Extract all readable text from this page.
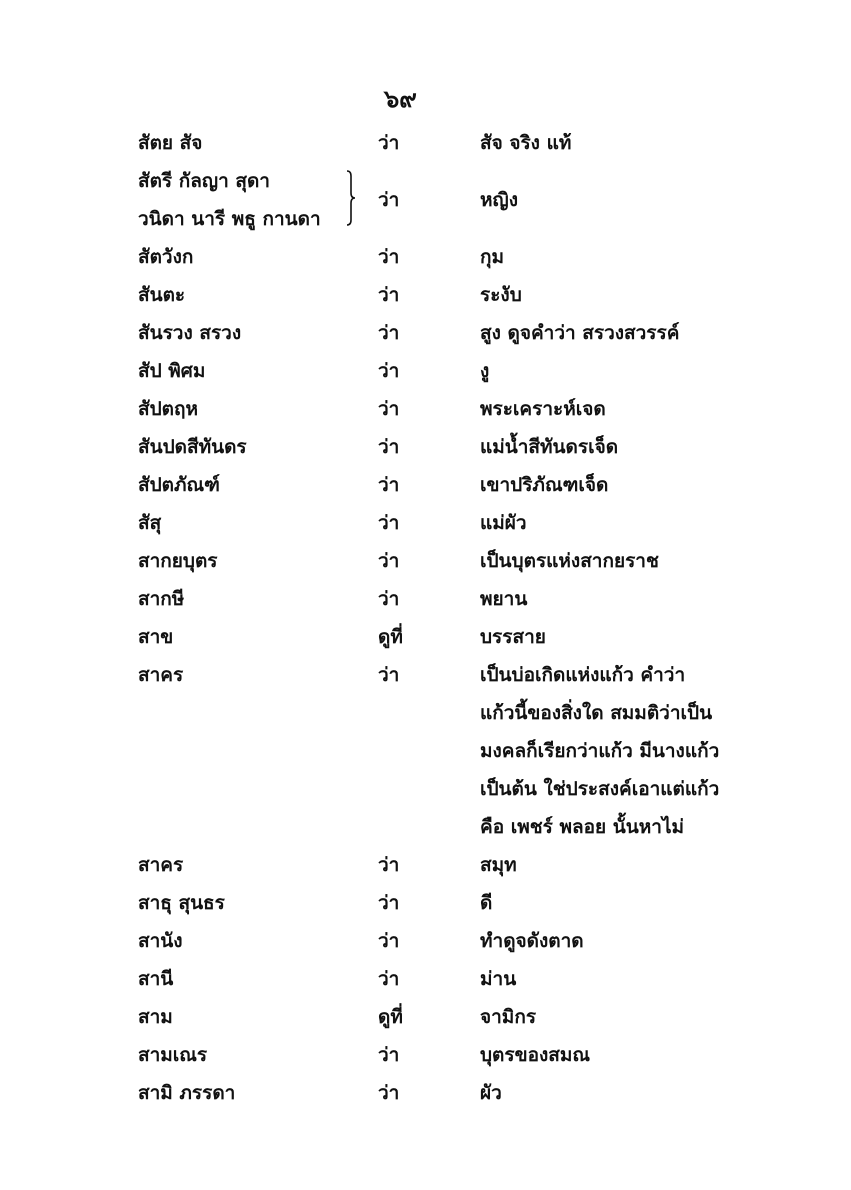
๖๙
สัตย สัจ	ว่า	สัจ จริง แท้
สัตรี กัลญา สุดา
วนิดา นารี พธู กานดา
ว่า	หญิง
สัตวังก	ว่า	กุม
สันตะ	ว่า	ระงับ
สันรวง สรวง	ว่า	สูง ดูจคำว่า สรวงสวรรค์
สัป พิศม	ว่า	งู
สัปตฤห	ว่า	พระเคราะห์เจด
สันปดสีทันดร	ว่า	แม่น้ำสีทันดรเจ็ด
สัปตภัณฑ์	ว่า	เขาปริภัณฑเจ็ด
สัสุ	ว่า	แม่ผัว
สากยบุตร	ว่า	เป็นบุตรแห่งสากยราช
สากษี	ว่า	พยาน
สาข	ดูที่	บรรสาย
สาคร	ว่า	เป็นบ่อเกิดแห่งแก้ว คำว่า
แก้วนี้ของสิ่งใด สมมติว่าเป็น
มงคลก็เรียกว่าแก้ว มีนางแก้ว
เป็นต้น ใช่ประสงค์เอาแต่แก้ว
คือ เพชร์ พลอย นั้นหาไม่
สาคร	ว่า	สมุท
สาธุ สุนธร	ว่า	ดี
สานัง	ว่า	ทำดูจดังตาด
สานี	ว่า	ม่าน
สาม	ดูที่	จามิกร
สามเณร	ว่า	บุตรของสมณ
สามิ ภรรดา	ว่า	ผัว
